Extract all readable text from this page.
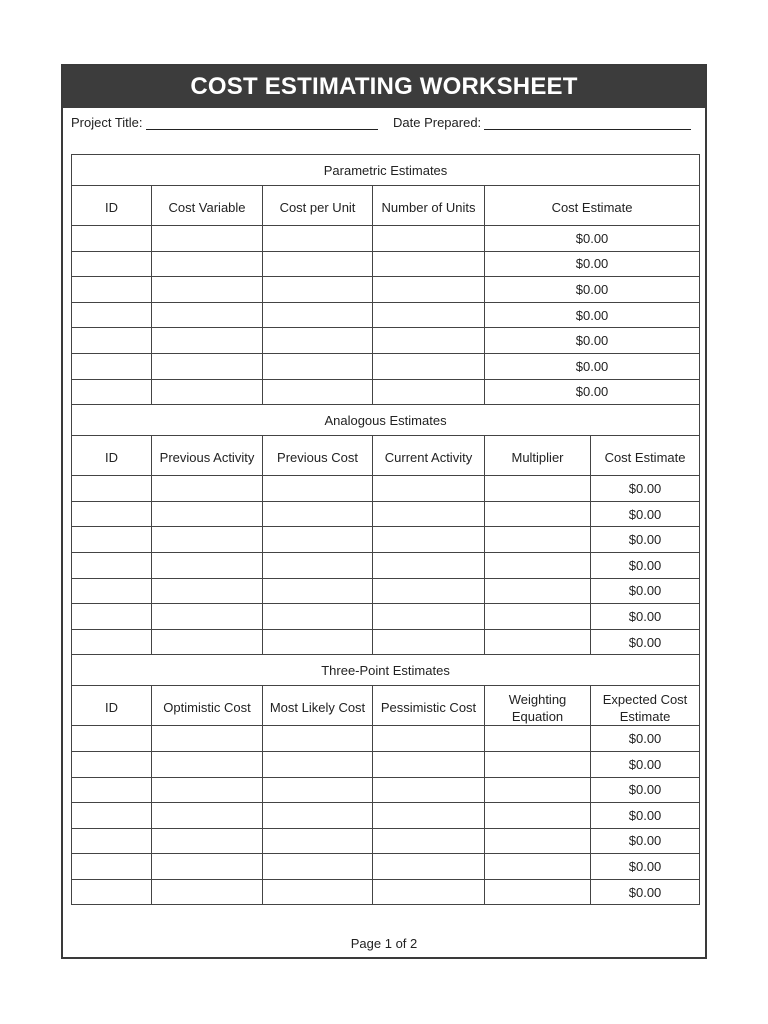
COST ESTIMATING WORKSHEET
Project Title:	Date Prepared:
Parametric Estimates					

ID	Cost Variable	Cost per Unit	Number of Units	Cost Estimate	

				$0.00	
				$0.00	
				$0.00	
				$0.00	
				$0.00	
				$0.00	
				$0.00	
Analogous Estimates					

ID	Previous Activity	Previous Cost	Current Activity	Multiplier	Cost Estimate

					$0.00
					$0.00
					$0.00
					$0.00
					$0.00
					$0.00
					$0.00
Three-Point Estimates					

ID	Optimistic Cost	Most Likely Cost	Pessimistic Cost	Weighting Equation	Expected Cost Estimate

					$0.00
					$0.00
					$0.00
					$0.00
					$0.00
					$0.00
					$0.00
Page 1 of 2
